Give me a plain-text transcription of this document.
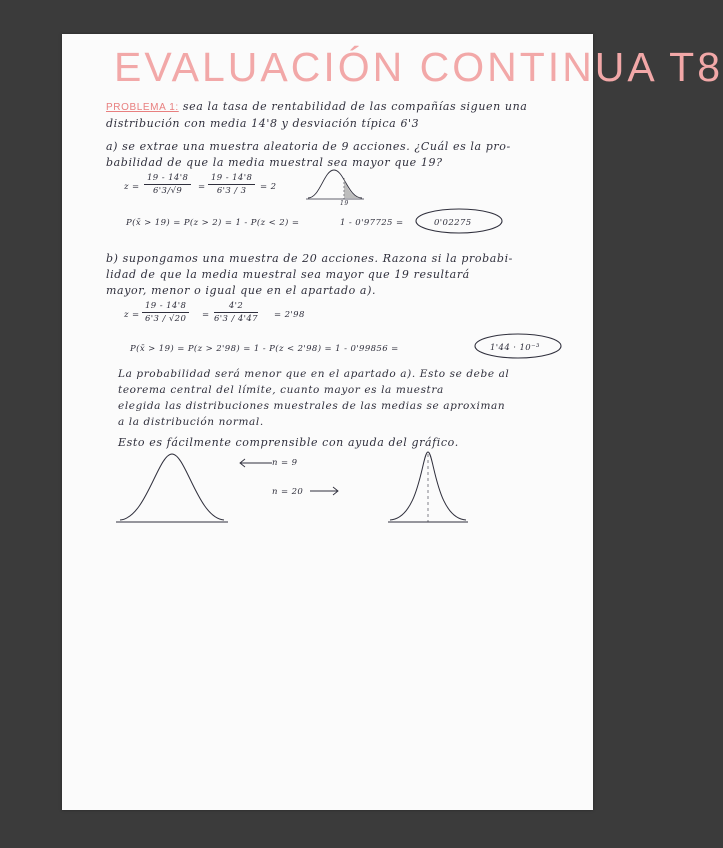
EVALUACIÓN CONTINUA T8
PROBLEMA 1: sea la tasa de rentabilidad de las compañías siguen una
distribución con media 14'8 y desviación típica 6'3
a) se extrae una muestra aleatoria de 9 acciones. ¿Cuál es la pro-
babilidad de que la media muestral sea mayor que 19?
$z = \frac{19 - 14'8}{6'3/√9} = \frac{19 - 14'8}{6'3 / 3} = 2$
19
P(x̄ > 19) = P(z > 2) = 1 - P(z < 2) =	1 - 0'97725 =	0'02275
b) supongamos una muestra de 20 acciones. Razona si la probabi-
lidad de que la media muestral sea mayor que 19 resultará
mayor, menor o igual que en el apartado a).
$z = \frac{19 - 14'8}{6'3 / √20} = \frac{4'2}{6'3 / 4'47} = 2'98$
P(x̄ > 19) = P(z > 2'98) = 1 - P(z < 2'98) = 1 - 0'99856 =	1'44 · 10⁻³
La probabilidad será menor que en el apartado a). Esto se debe al
teorema central del límite, cuanto mayor es la muestra
elegida las distribuciones muestrales de las medias se aproximan
a la distribución normal.
Esto es fácilmente comprensible con ayuda del gráfico.
n = 9
n = 20
